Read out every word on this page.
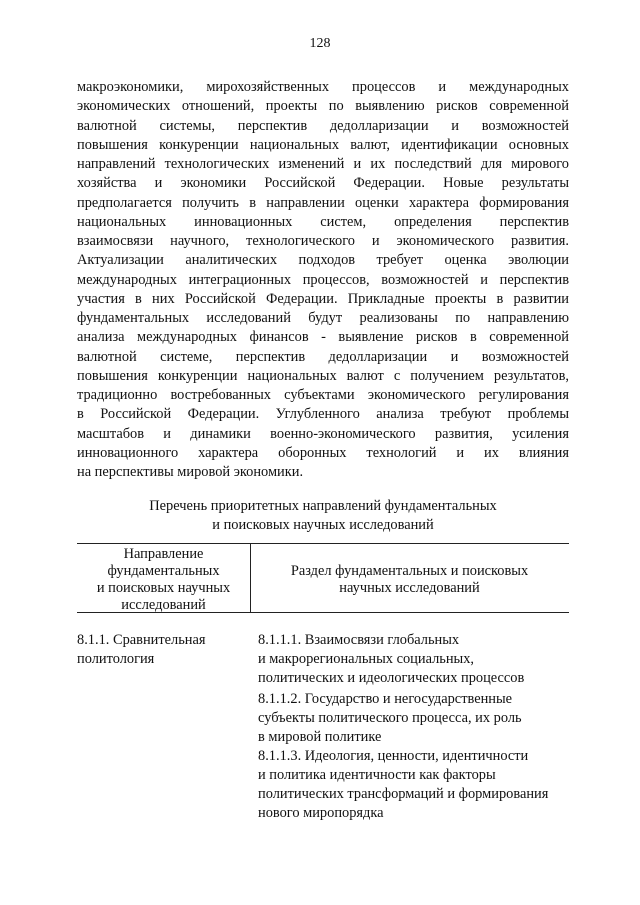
128
макроэкономики, мирохозяйственных процессов и международных
экономических отношений, проекты по выявлению рисков современной
валютной системы, перспектив дедолларизации и возможностей
повышения конкуренции национальных валют, идентификации основных
направлений технологических изменений и их последствий для мирового
хозяйства и экономики Российской Федерации. Новые результаты
предполагается получить в направлении оценки характера формирования
национальных инновационных систем, определения перспектив
взаимосвязи научного, технологического и экономического развития.
Актуализации аналитических подходов требует оценка эволюции
международных интеграционных процессов, возможностей и перспектив
участия в них Российской Федерации. Прикладные проекты в развитии
фундаментальных исследований будут реализованы по направлению
анализа международных финансов - выявление рисков в современной
валютной системе, перспектив дедолларизации и возможностей
повышения конкуренции национальных валют с получением результатов,
традиционно востребованных субъектами экономического регулирования
в Российской Федерации. Углубленного анализа требуют проблемы
масштабов и динамики военно-экономического развития, усиления
инновационного характера оборонных технологий и их влияния
на перспективы мировой экономики.
Перечень приоритетных направлений фундаментальных
и поисковых научных исследований
Направление
фундаментальных
и поисковых научных
исследований
Раздел фундаментальных и поисковых
научных исследований
8.1.1. Сравнительная
политология
8.1.1.1. Взаимосвязи глобальных
и макрорегиональных социальных,
политических и идеологических процессов
8.1.1.2. Государство и негосударственные
субъекты политического процесса, их роль
в мировой политике
8.1.1.3. Идеология, ценности, идентичности
и политика идентичности как факторы
политических трансформаций и формирования
нового миропорядка
